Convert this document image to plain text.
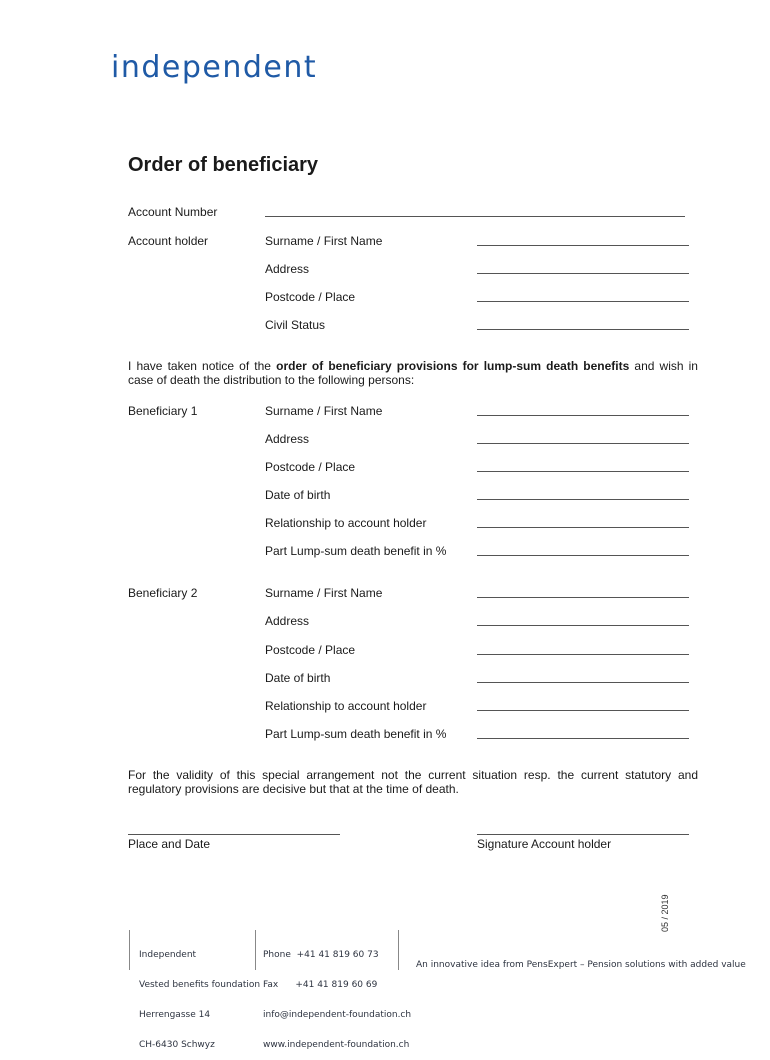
independent
Order of beneficiary
Account Number
Account holder	Surname / First Name
Address
Postcode / Place
Civil Status
I have taken notice of the order of beneficiary provisions for lump-sum death benefits and wish in case of death the distribution to the following persons:
Beneficiary 1	Surname / First Name
Address
Postcode / Place
Date of birth
Relationship to account holder
Part Lump-sum death benefit in %
Beneficiary 2	Surname / First Name
Address
Postcode / Place
Date of birth
Relationship to account holder
Part Lump-sum death benefit in %
For the validity of this special arrangement not the current situation resp. the current statutory and regulatory provisions are decisive but that at the time of death.
Place and Date	Signature Account holder
05 / 2019

Independent

Vested benefits foundation

Herrengasse 14

CH-6430 Schwyz

Phone  +41 41 819 60 73

Fax      +41 41 819 60 69

info@independent-foundation.ch

www.independent-foundation.ch

An innovative idea from PensExpert – Pension solutions with added value
